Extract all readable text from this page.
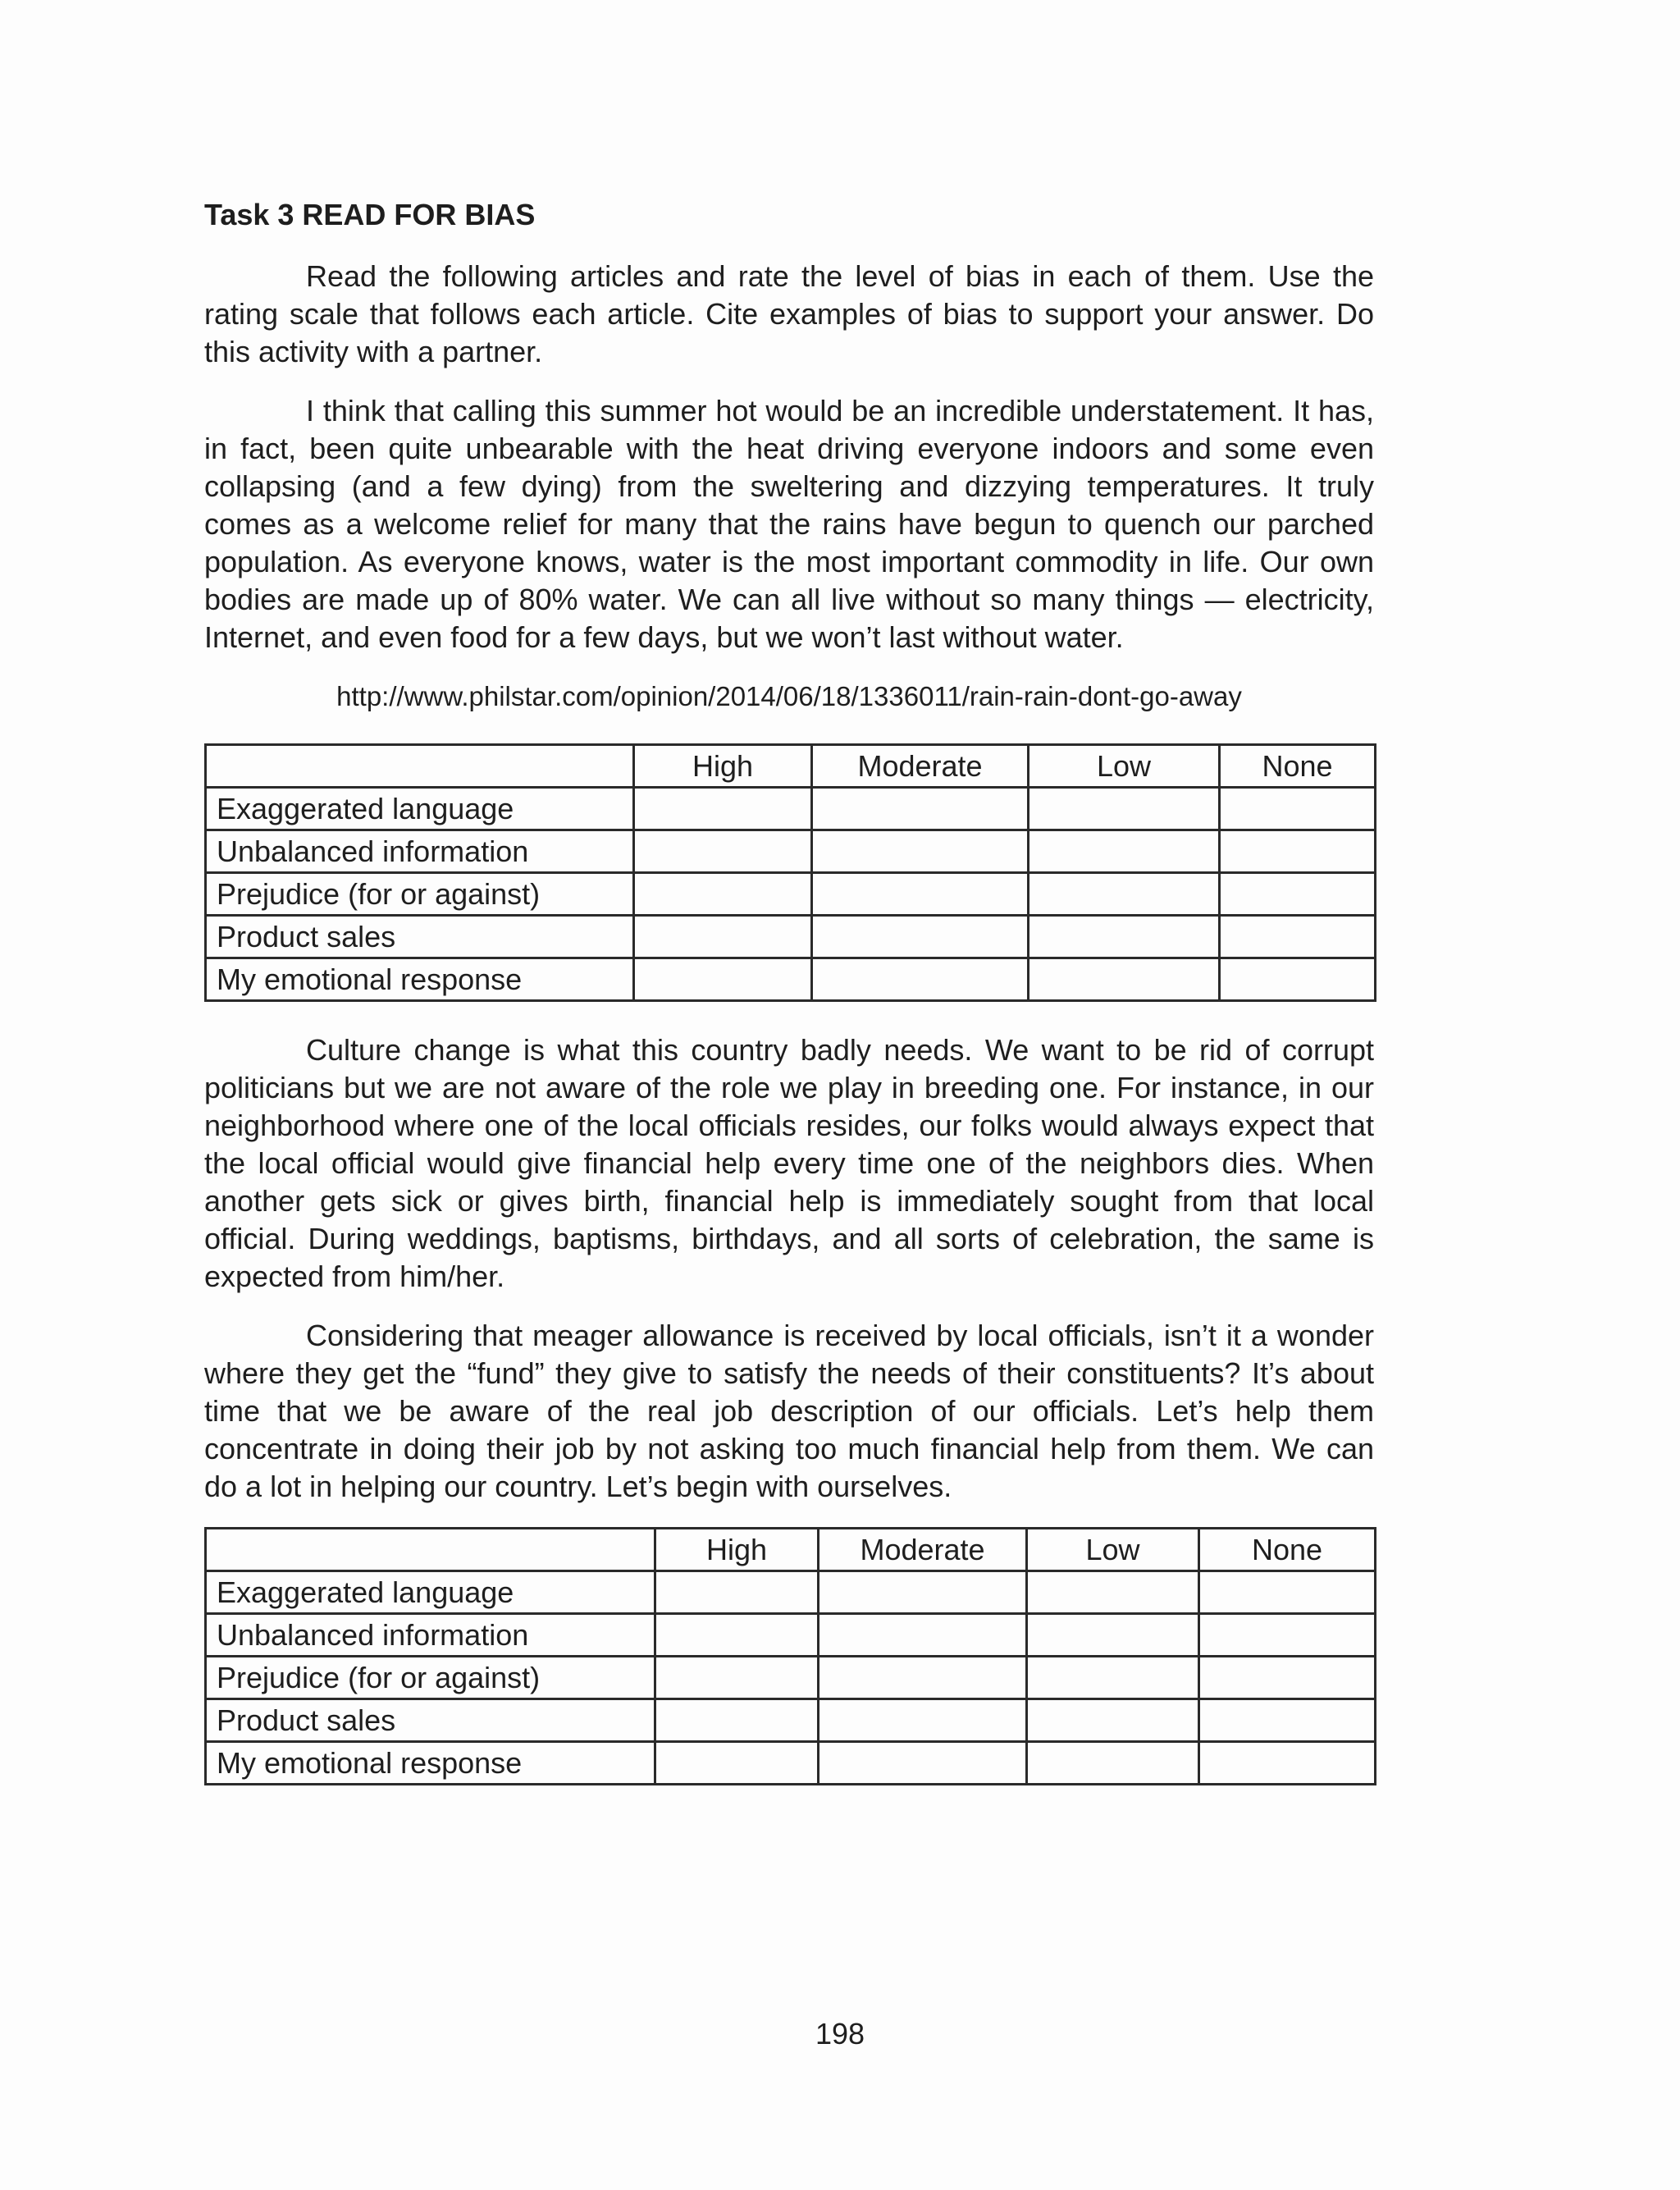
Task 3 READ FOR BIAS

Read the following articles and rate the level of bias in each of them. Use the rating scale that follows each article. Cite examples of bias to support your answer. Do this activity with a partner.

I think that calling this summer hot would be an incredible understatement. It has, in fact, been quite unbearable with the heat driving everyone indoors and some even collapsing (and a few dying) from the sweltering and dizzying temperatures. It truly comes as a welcome relief for many that the rains have begun to quench our parched population. As everyone knows, water is the most important commodity in life. Our own bodies are made up of 80% water. We can all live without so many things — electricity, Internet, and even food for a few days, but we won’t last without water.

http://www.philstar.com/opinion/2014/06/18/1336011/rain-rain-dont-go-away
	High	Moderate	Low	None
Exaggerated language				
Unbalanced information				
Prejudice (for or against)				
Product sales				
My emotional response				

Culture change is what this country badly needs. We want to be rid of corrupt politicians but we are not aware of the role we play in breeding one. For instance, in our neighborhood where one of the local officials resides, our folks would always expect that the local official would give financial help every time one of the neighbors dies. When another gets sick or gives birth, financial help is immediately sought from that local official. During weddings, baptisms, birthdays, and all sorts of celebration, the same is expected from him/her.

Considering that meager allowance is received by local officials, isn’t it a wonder where they get the “fund” they give to satisfy the needs of their constituents? It’s about time that we be aware of the real job description of our officials. Let’s help them concentrate in doing their job by not asking too much financial help from them. We can do a lot in helping our country. Let’s begin with ourselves.

	High	Moderate	Low	None
Exaggerated language				
Unbalanced information				
Prejudice (for or against)				
Product sales				
My emotional response				
198
